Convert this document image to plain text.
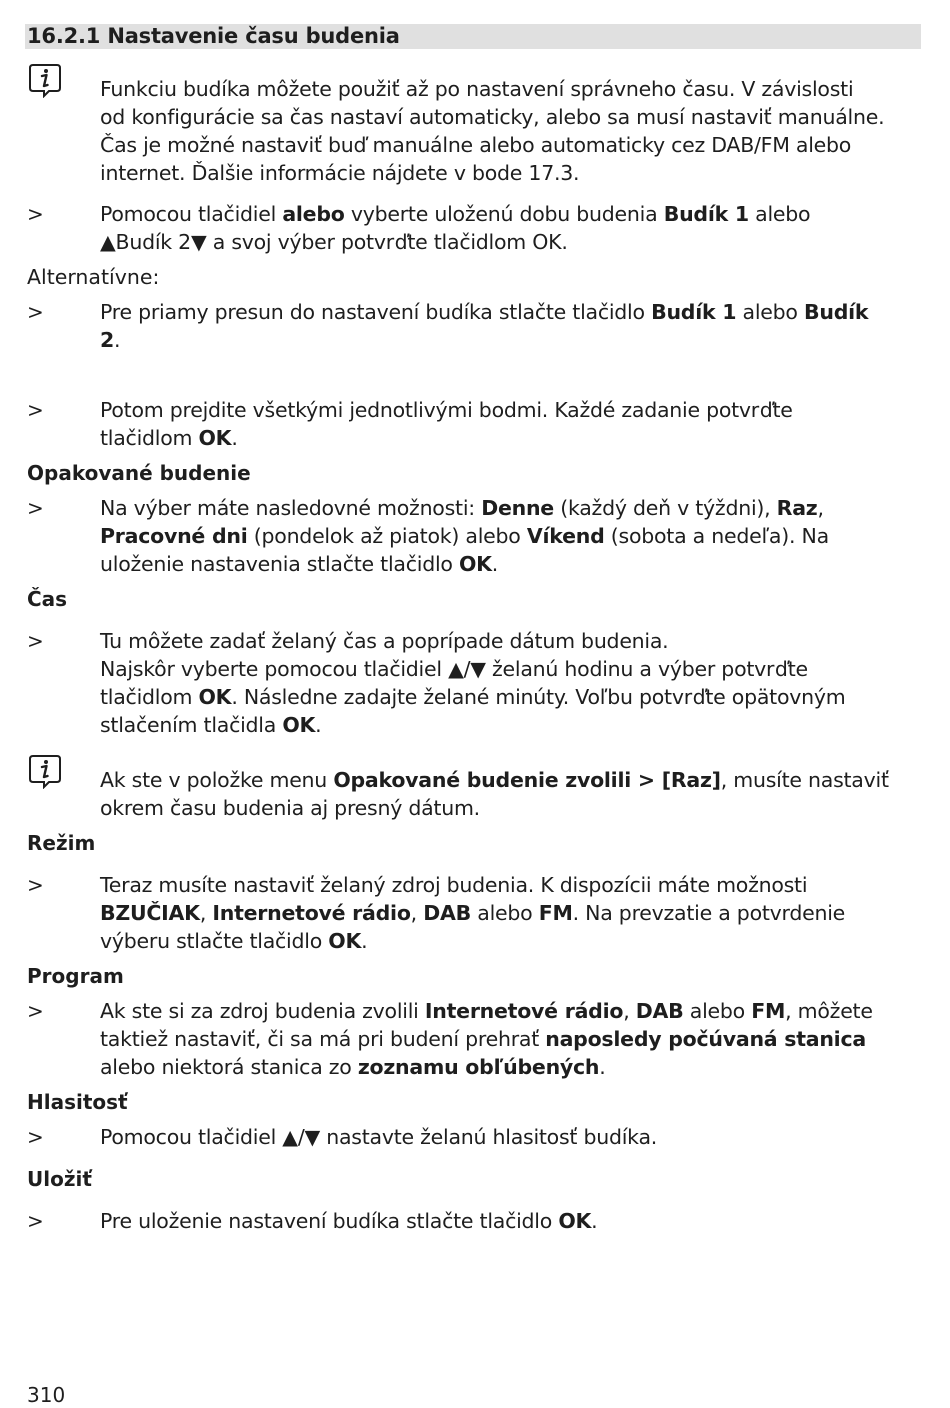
16.2.1 Nastavenie času budenia
Funkciu budíka môžete použiť až po nastavení správneho času. V závislosti
od konfigurácie sa čas nastaví automaticky, alebo sa musí nastaviť manuálne.
Čas je možné nastaviť buď manuálne alebo automaticky cez DAB/FM alebo
internet. Ďalšie informácie nájdete v bode 17.3.
>	Pomocou tlačidiel alebo vyberte uloženú dobu budenia Budík 1 alebo
▲Budík 2▼ a svoj výber potvrďte tlačidlom OK.
Alternatívne:
>	Pre priamy presun do nastavení budíka stlačte tlačidlo Budík 1 alebo Budík
2.
>	Potom prejdite všetkými jednotlivými bodmi. Každé zadanie potvrďte
tlačidlom OK.
Opakované budenie
>	Na výber máte nasledovné možnosti: Denne (každý deň v týždni), Raz,
Pracovné dni (pondelok až piatok) alebo Víkend (sobota a nedeľa). Na
uloženie nastavenia stlačte tlačidlo OK.
Čas
>	Tu môžete zadať želaný čas a poprípade dátum budenia.
Najskôr vyberte pomocou tlačidiel ▲/▼ želanú hodinu a výber potvrďte
tlačidlom OK. Následne zadajte želané minúty. Voľbu potvrďte opätovným
stlačením tlačidla OK.
Ak ste v položke menu Opakované budenie zvolili > [Raz], musíte nastaviť
okrem času budenia aj presný dátum.
Režim
>	Teraz musíte nastaviť želaný zdroj budenia. K dispozícii máte možnosti
BZUČIAK, Internetové rádio, DAB alebo FM. Na prevzatie a potvrdenie
výberu stlačte tlačidlo OK.
Program
>	Ak ste si za zdroj budenia zvolili Internetové rádio, DAB alebo FM, môžete
taktiež nastaviť, či sa má pri budení prehrať naposledy počúvaná stanica
alebo niektorá stanica zo zoznamu obľúbených.
Hlasitosť
>	Pomocou tlačidiel ▲/▼ nastavte želanú hlasitosť budíka.
Uložiť
>	Pre uloženie nastavení budíka stlačte tlačidlo OK.
310
